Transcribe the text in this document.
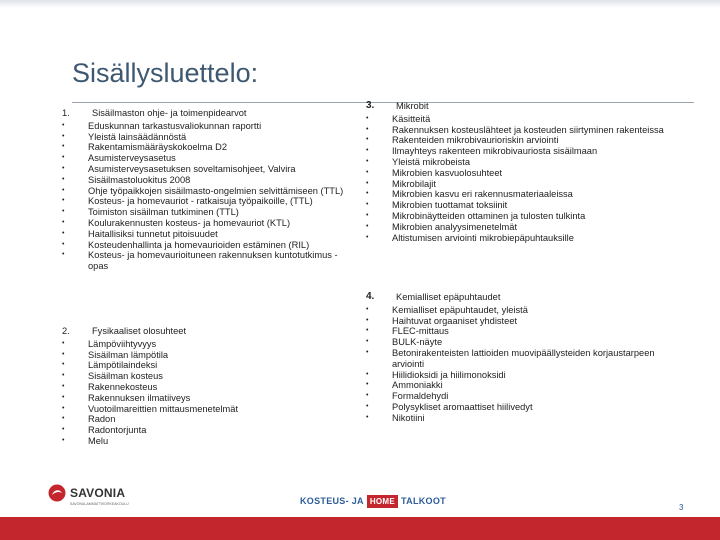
Sisällysluettelo:
1.	Sisäilmaston ohje- ja toimenpidearvot
•	Eduskunnan tarkastusvaliokunnan raportti
•	Yleistä lainsäädännöstä
•	Rakentamismääräyskokoelma D2
•	Asumisterveysasetus
•	Asumisterveysasetuksen soveltamisohjeet, Valvira
•	Sisäilmastoluokitus 2008
•	Ohje työpaikkojen sisäilmasto-ongelmien selvittämiseen (TTL)
•	Kosteus- ja homevauriot - ratkaisuja työpaikoille, (TTL)
•	Toimiston sisäilman tutkiminen (TTL)
•	Koulurakennusten kosteus- ja homevauriot (KTL)
•	Haitallisiksi tunnetut pitoisuudet
•	Kosteudenhallinta ja homevaurioiden estäminen (RIL)
•	Kosteus- ja homevaurioituneen rakennuksen kuntotutkimus -opas
2.	Fysikaaliset olosuhteet
•	Lämpöviihtyvyys
•	Sisäilman lämpötila
•	Lämpötilaindeksi
•	Sisäilman kosteus
•	Rakennekosteus
•	Rakennuksen ilmatiiveys
•	Vuotoilmareittien mittausmenetelmät
•	Radon
•	Radontorjunta
•	Melu
3.	Mikrobit
•	Käsitteitä
•	Rakennuksen kosteuslähteet ja kosteuden siirtyminen rakenteissa
•	Rakenteiden mikrobivaurioriskin arviointi
•	Ilmayhteys rakenteen mikrobivauriosta sisäilmaan
•	Yleistä mikrobeista
•	Mikrobien kasvuolosuhteet
•	Mikrobilajit
•	Mikrobien kasvu eri rakennusmateriaaleissa
•	Mikrobien tuottamat toksiinit
•	Mikrobinäytteiden ottaminen ja tulosten tulkinta
•	Mikrobien analyysimenetelmät
•	Altistumisen arviointi mikrobiepäpuhtauksille
4.	Kemialliset epäpuhtaudet
•	Kemialliset epäpuhtaudet, yleistä
•	Haihtuvat orgaaniset yhdisteet
•	FLEC-mittaus
•	BULK-näyte
•	Betonirakenteisten lattioiden muovipäällysteiden korjaustarpeen arviointi
•	Hiilidioksidi ja hiilimonoksidi
•	Ammoniakki
•	Formaldehydi
•	Polysykliset aromaattiset hiilivedyt
•	Nikotiini
SAVONIA
SAVONIA-AMMATTIKORKEAKOULU	KOSTEUS- JA HOME TALKOOT
3
